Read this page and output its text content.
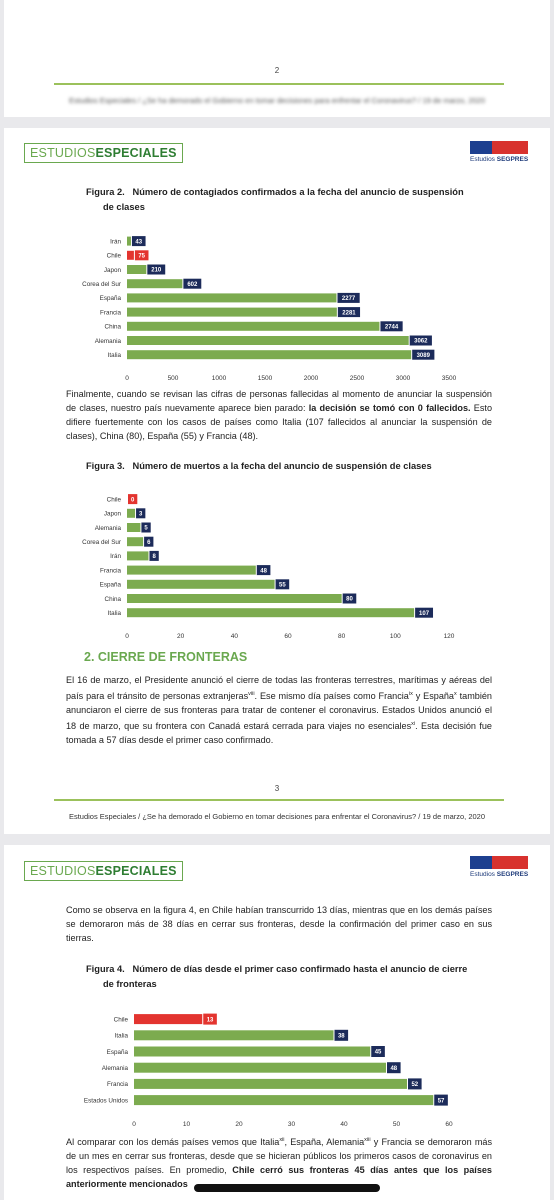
2
Estudios Especiales / ¿Se ha demorado el Gobierno en tomar decisiones para enfrentar el Coronavirus? / 19 de marzo, 2020
ESTUDIOSESPECIALES	Estudios SEGPRES
Figura 2. Número de contagiados confirmados a la fecha del anuncio de suspensión
de clases
Irán 43
Chile	75
Japon	210
Corea del Sur	602
España	2277
Francia	2281
China	2744
Alemania	3062
Italia	3089
0	500	1000	1500	2000	2500	3000	3500
Finalmente, cuando se revisan las cifras de personas fallecidas al momento de anunciar la suspensión de clases, nuestro país nuevamente aparece bien parado: la decisión se tomó con 0 fallecidos. Esto difiere fuertemente con los casos de países como Italia (107 fallecidos al anunciar la suspensión de clases), China (80), España (55) y Francia (48).
Figura 3. Número de muertos a la fecha del anuncio de suspensión de clases
Chile 0
Japon	3
Alemania	5
Corea del Sur	6
Irán	8
Francia	48
España	55
China	80
Italia	107
0	20	40	60	80	100	120
2. CIERRE DE FRONTERAS
El 16 de marzo, el Presidente anunció el cierre de todas las fronteras terrestres, marítimas y aéreas del país para el tránsito de personas extranjeras$^{viii}$. Ese mismo día países como Francia$^{ix}$ y España$^x$ también anunciaron el cierre de sus fronteras para tratar de contener el coronavirus. Estados Unidos anunció el 18 de marzo, que su frontera con Canadá estará cerrada para viajes no esenciales$^{xi}$. Esta decisión fue tomada a 57 días desde el primer caso confirmado.
3
Estudios Especiales / ¿Se ha demorado el Gobierno en tomar decisiones para enfrentar el Coronavirus? / 19 de marzo, 2020
ESTUDIOSESPECIALES	Estudios SEGPRES
Como se observa en la figura 4, en Chile habían transcurrido 13 días, mientras que en los demás países se demoraron más de 38 días en cerrar sus fronteras, desde la confirmación del primer caso en sus tierras.
Figura 4. Número de días desde el primer caso confirmado hasta el anuncio de cierre
de fronteras
Chile	13
Italia	38
España	45
Alemania	48
Francia	52
Estados Unidos	57
0	10	20	30	40	50	60
Al comparar con los demás países vemos que Italia$^{xii}$, España, Alemania$^{xiii}$ y Francia se demoraron más de un mes en cerrar sus fronteras, desde que se hicieran públicos los primeros casos de coronavirus en los respectivos países. En promedio, Chile cerró sus fronteras 45 días antes que los países anteriormente mencionados
